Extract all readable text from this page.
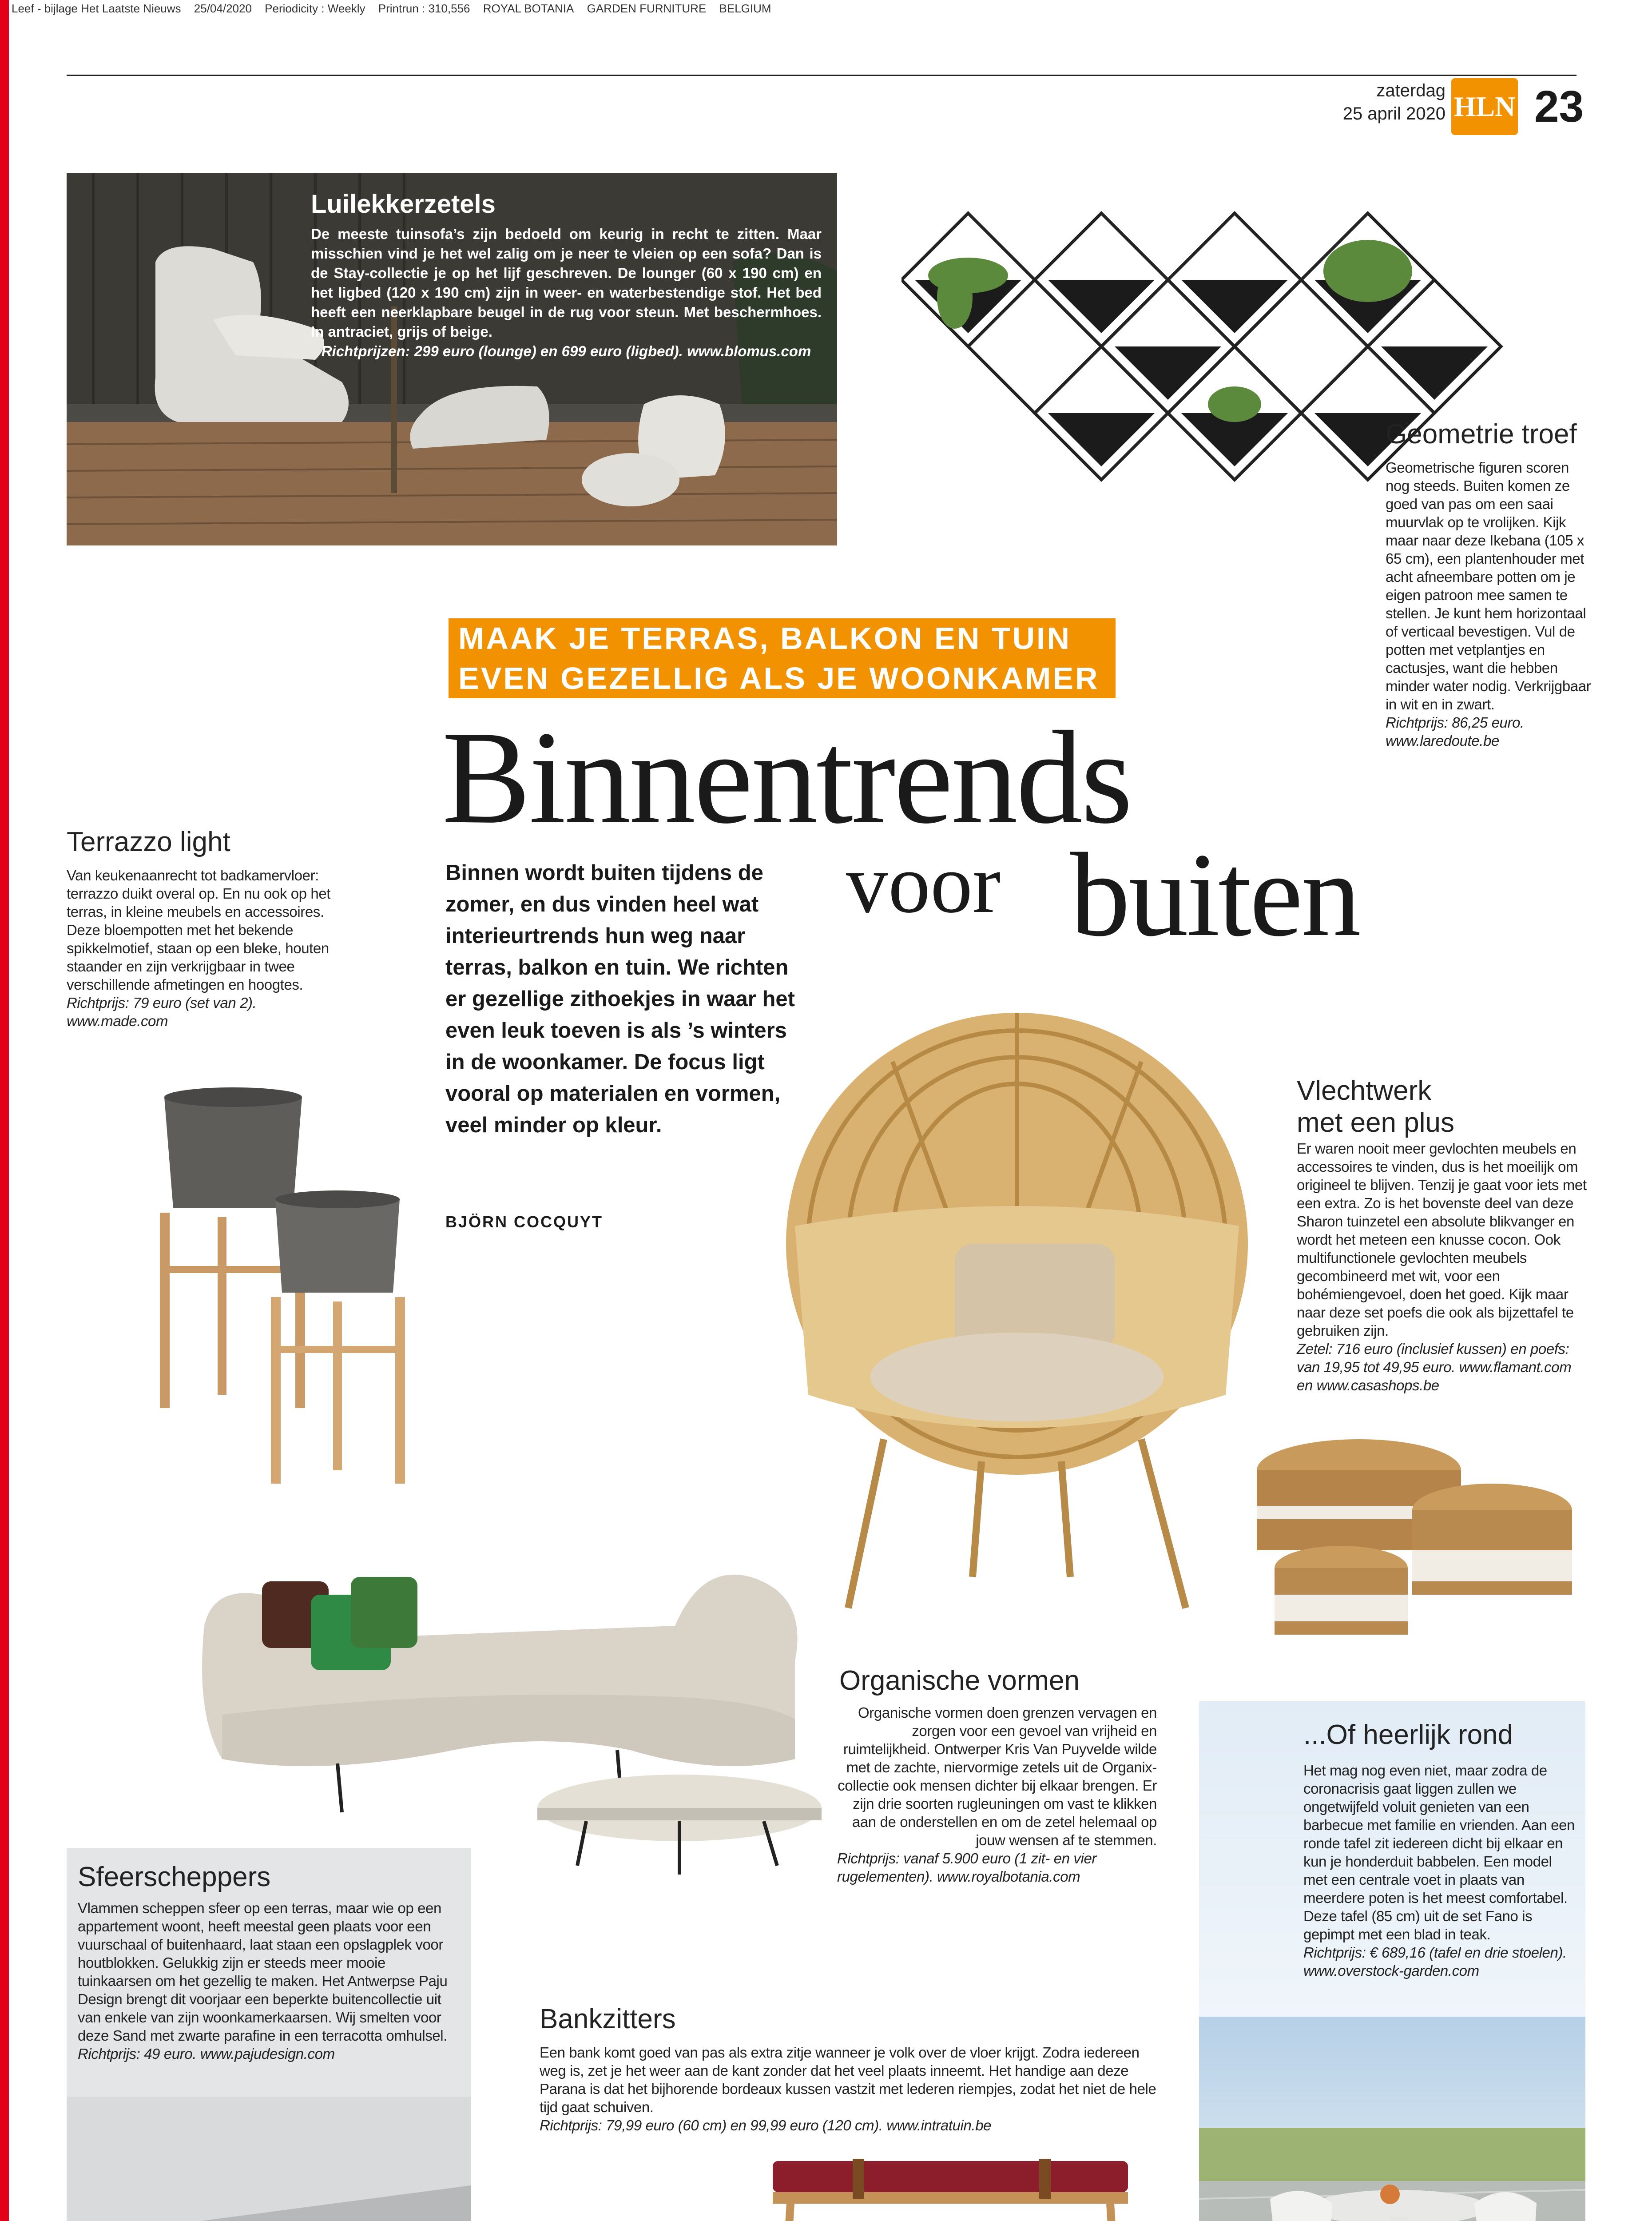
Leef - bijlage Het Laatste Nieuws 25/04/2020 Periodicity : Weekly Printrun : 310,556 ROYAL BOTANIA GARDEN FURNITURE BELGIUM
zaterdag
25 april 2020 HLN 23
Luilekkerzetels
De meeste tuinsofa’s zijn bedoeld om keurig in recht te zitten. Maar misschien vind je het wel zalig om je neer te vleien op een sofa? Dan is de Stay-collectie je op het lijf geschreven. De lounger (60 x 190 cm) en het ligbed (120 x 190 cm) zijn in weer- en waterbestendige stof. Het bed heeft een neerklapbare beugel in de rug voor steun. Met beschermhoes. In antraciet, grijs of beige.
Richtprijzen: 299 euro (lounge) en 699 euro (ligbed). www.blomus.com
Geometrie troef

Geometrische figuren scoren nog steeds. Buiten komen ze goed van pas om een saai muurvlak op te vrolijken. Kijk maar naar deze Ikebana (105 x 65 cm), een plantenhouder met acht afneembare potten om je eigen patroon mee samen te stellen. Je kunt hem horizontaal of verticaal bevestigen. Vul de potten met vetplantjes en cactusjes, want die hebben minder water nodig. Verkrijgbaar in wit en in zwart.

Richtprijs: 86,25 euro. www.laredoute.be

MAAK JE TERRAS, BALKON EN TUIN
EVEN GEZELLIG ALS JE WOONKAMER
Binnentrends
voor buiten
Terrazzo light

Van keukenaanrecht tot badkamervloer: terrazzo duikt overal op. En nu ook op het terras, in kleine meubels en accessoires. Deze bloempotten met het bekende spikkelmotief, staan op een bleke, houten staander en zijn verkrijgbaar in twee verschillende afmetingen en hoogtes.

Richtprijs: 79 euro (set van 2). www.made.com

Binnen wordt buiten tijdens de zomer, en dus vinden heel wat interieurtrends hun weg naar terras, balkon en tuin. We richten er gezellige zithoekjes in waar het even leuk toeven is als ’s winters in de woonkamer. De focus ligt vooral op materialen en vormen, veel minder op kleur.
BJÖRN COCQUYT
Vlechtwerk
met een plus

Er waren nooit meer gevlochten meubels en accessoires te vinden, dus is het moeilijk om origineel te blijven. Tenzij je gaat voor iets met een extra. Zo is het bovenste deel van deze Sharon tuinzetel een absolute blikvanger en wordt het meteen een knusse cocon. Ook multifunctionele gevlochten meubels gecombineerd met wit, voor een bohémiengevoel, doen het goed. Kijk maar naar deze set poefs die ook als bijzettafel te gebruiken zijn.

Zetel: 716 euro (inclusief kussen) en poefs: van 19,95 tot 49,95 euro. www.flamant.com en www.casashops.be

Organische vormen

Organische vormen doen grenzen vervagen en zorgen voor een gevoel van vrijheid en ruimtelijkheid. Ontwerper Kris Van Puyvelde wilde met de zachte, niervormige zetels uit de Organix-collectie ook mensen dichter bij elkaar brengen. Er zijn drie soorten rugleuningen om vast te klikken aan de onderstellen en om de zetel helemaal op jouw wensen af te stemmen.

Richtprijs: vanaf 5.900 euro (1 zit- en vier rugelementen). www.royalbotania.com

...Of heerlijk rond

Het mag nog even niet, maar zodra de coronacrisis gaat liggen zullen we ongetwijfeld voluit genieten van een barbecue met familie en vrienden. Aan een ronde tafel zit iedereen dicht bij elkaar en kun je honderduit babbelen. Een model met een centrale voet in plaats van meerdere poten is het meest comfortabel. Deze tafel (85 cm) uit de set Fano is gepimpt met een blad in teak.

Richtprijs: € 689,16 (tafel en drie stoelen). www.overstock-garden.com

Sfeerscheppers

Vlammen scheppen sfeer op een terras, maar wie op een appartement woont, heeft meestal geen plaats voor een vuurschaal of buitenhaard, laat staan een opslagplek voor houtblokken. Gelukkig zijn er steeds meer mooie tuinkaarsen om het gezellig te maken. Het Antwerpse Paju Design brengt dit voorjaar een beperkte buitencollectie uit van enkele van zijn woonkamerkaarsen. Wij smelten voor deze Sand met zwarte parafine in een terracotta omhulsel.

Richtprijs: 49 euro. www.pajudesign.com

Bankzitters

Een bank komt goed van pas als extra zitje wanneer je volk over de vloer krijgt. Zodra iedereen weg is, zet je het weer aan de kant zonder dat het veel plaats inneemt. Het handige aan deze Parana is dat het bijhorende bordeaux kussen vastzit met lederen riempjes, zodat het niet de hele tijd gaat schuiven.

Richtprijs: 79,99 euro (60 cm) en 99,99 euro (120 cm). www.intratuin.be
